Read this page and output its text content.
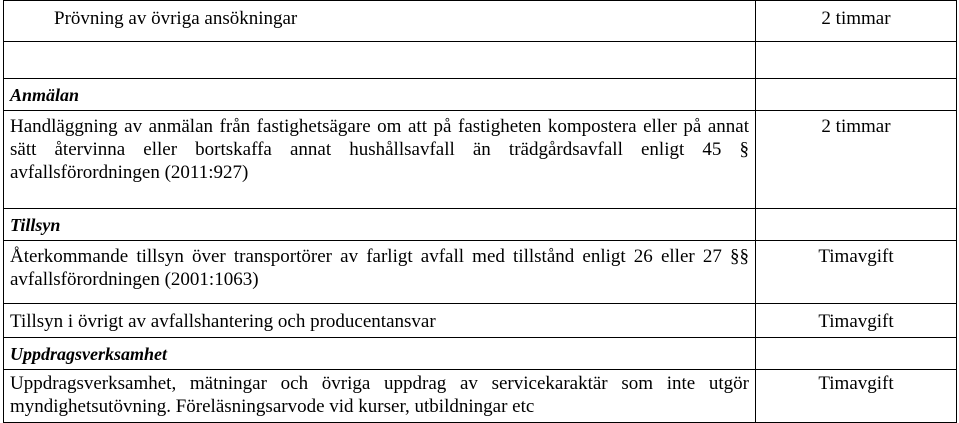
Prövning av övriga ansökningar	2 timmar

Anmälan	
Handläggning av anmälan från fastighetsägare om att på fastigheten kompostera eller på annat sätt återvinna eller bortskaffa annat hushållsavfall än trädgårdsavfall enligt 45 § avfallsförordningen (2011:927)	2 timmar
Tillsyn	
Återkommande tillsyn över transportörer av farligt avfall med tillstånd enligt 26 eller 27 §§ avfallsförordningen (2001:1063)	Timavgift
Tillsyn i övrigt av avfallshantering och producentansvar	Timavgift
Uppdragsverksamhet	
Uppdragsverksamhet, mätningar och övriga uppdrag av servicekaraktär som inte utgör myndighetsutövning. Föreläsningsarvode vid kurser, utbildningar etc	Timavgift
